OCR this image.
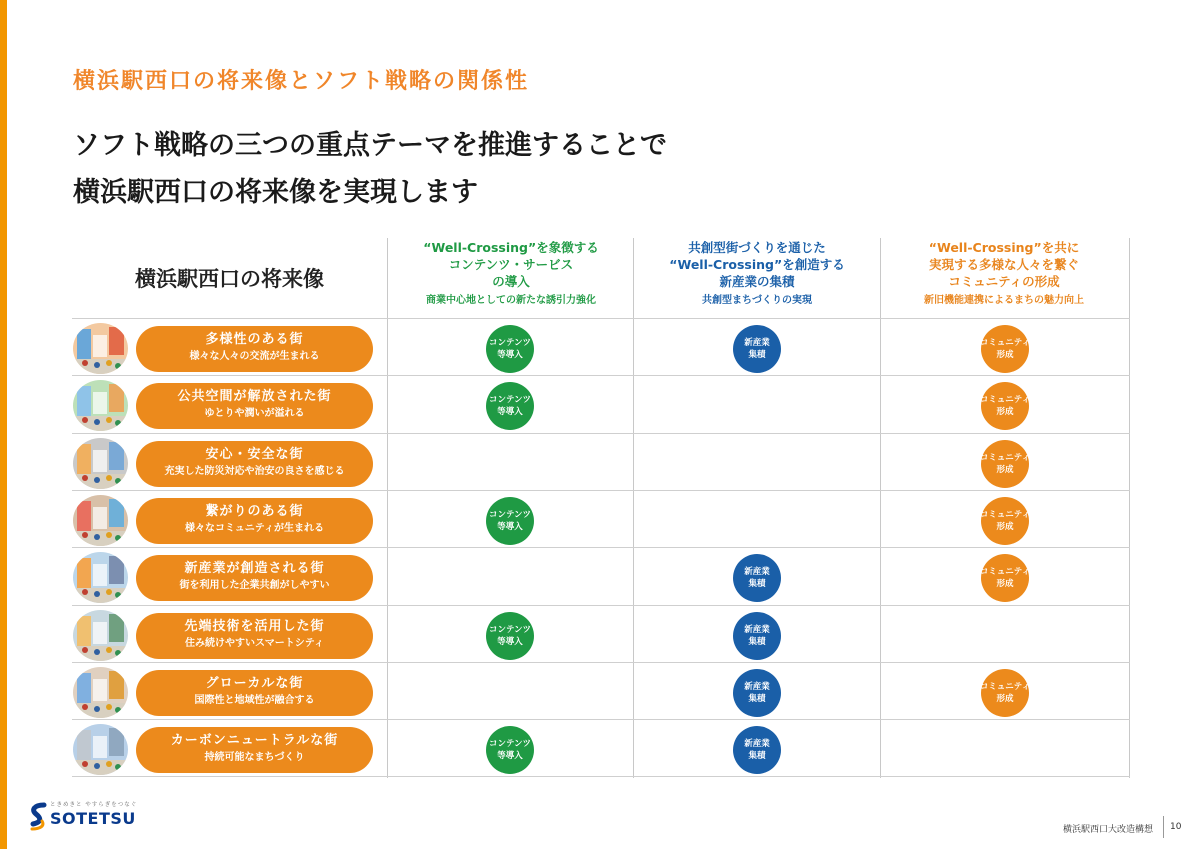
横浜駅西口の将来像とソフト戦略の関係性
ソフト戦略の三つの重点テーマを推進することで
横浜駅西口の将来像を実現します
横浜駅西口の将来像
“Well-Crossing”を象徴する
コンテンツ・サービス
の導入
商業中心地としての新たな誘引力強化
共創型街づくりを通じた
“Well-Crossing”を創造する
新産業の集積
共創型まちづくりの実現
“Well-Crossing”を共に
実現する多様な人々を繋ぐ
コミュニティの形成
新旧機能連携によるまちの魅力向上
多様性のある街
様々な人々の交流が生まれる
コンテンツ
等導入
新産業
集積
コミュニティ
形成
公共空間が解放された街
ゆとりや潤いが溢れる
コンテンツ
等導入
コミュニティ
形成
安心・安全な街
充実した防災対応や治安の良さを感じる
コミュニティ
形成
繋がりのある街
様々なコミュニティが生まれる
コンテンツ
等導入
コミュニティ
形成
新産業が創造される街
街を利用した企業共創がしやすい
新産業
集積
コミュニティ
形成
先端技術を活用した街
住み続けやすいスマートシティ
コンテンツ
等導入
新産業
集積
グローカルな街
国際性と地域性が融合する
新産業
集積
コミュニティ
形成
カーボンニュートラルな街
持続可能なまちづくり
コンテンツ
等導入
新産業
集積
ときめきと やすらぎをつなぐ
SOTETSU
横浜駅西口大改造構想 10
